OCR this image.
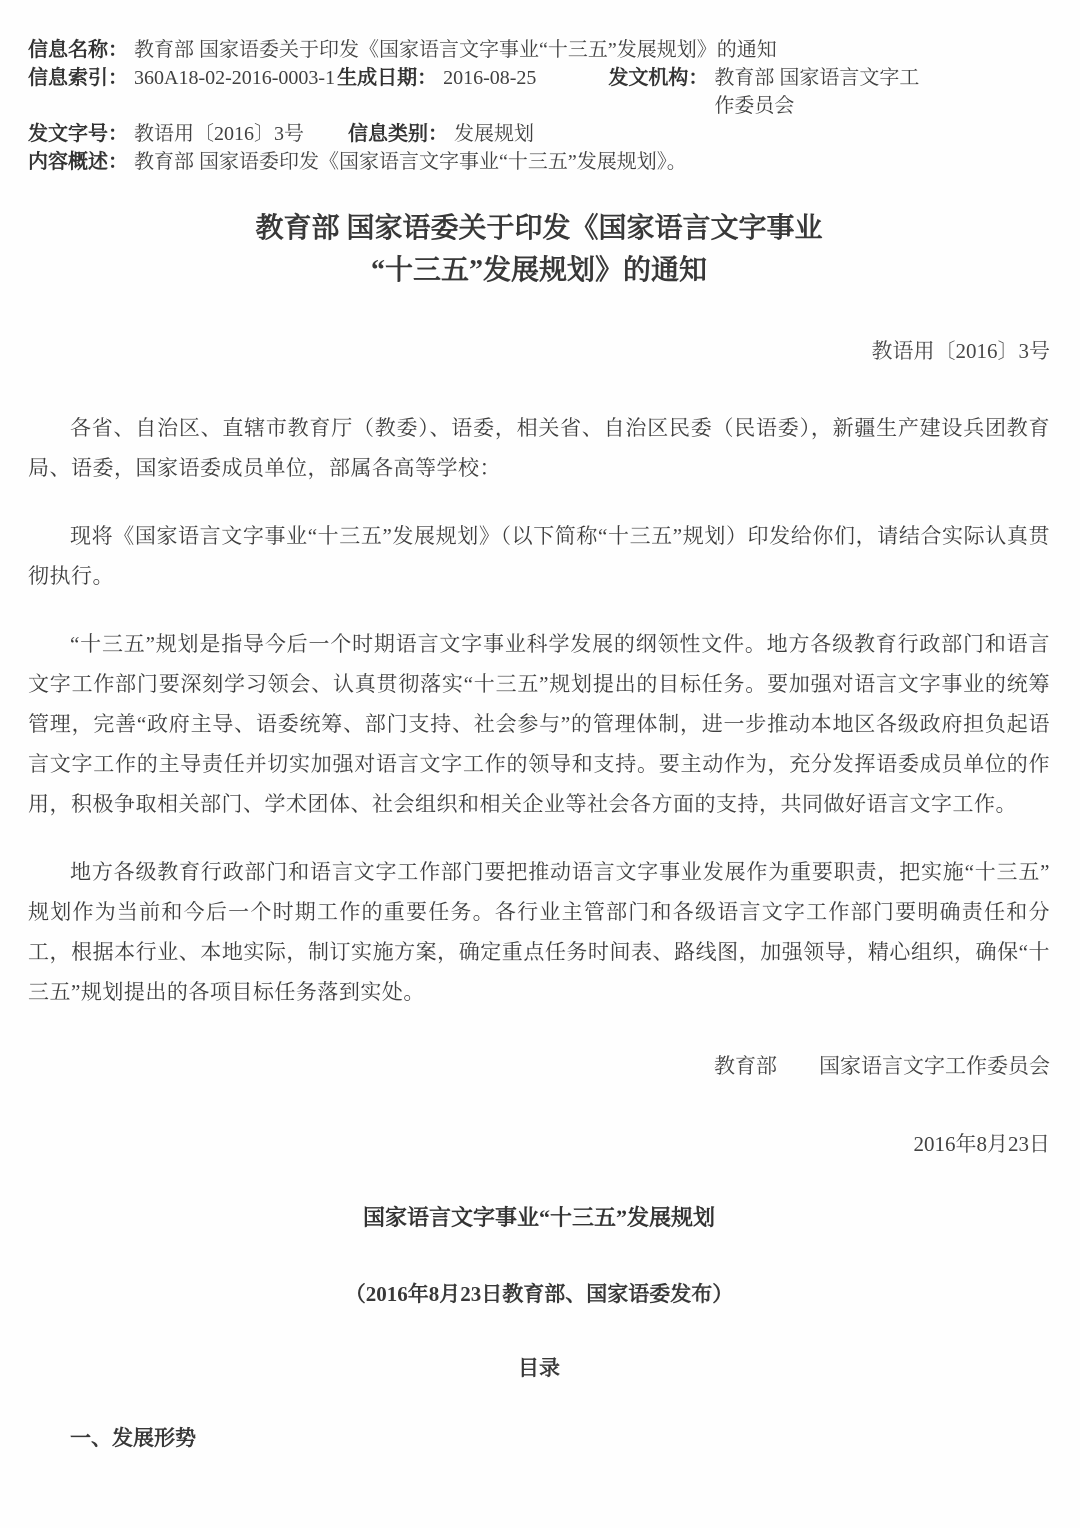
信息名称： 教育部 国家语委关于印发《国家语言文字事业“十三五”发展规划》的通知
信息索引： 360A18-02-2016-0003-1 生成日期： 2016-08-25	发文机构： 教育部 国家语言文字工作委员会
发文字号： 教语用〔2016〕3号 信息类别： 发展规划
内容概述： 教育部 国家语委印发《国家语言文字事业“十三五”发展规划》。
教育部 国家语委关于印发《国家语言文字事业
“十三五”发展规划》的通知
教语用〔2016〕3号

各省、自治区、直辖市教育厅（教委）、语委，相关省、自治区民委（民语委），新疆生产建设兵团教育局、语委，国家语委成员单位，部属各高等学校：

现将《国家语言文字事业“十三五”发展规划》（以下简称“十三五”规划）印发给你们，请结合实际认真贯彻执行。

“十三五”规划是指导今后一个时期语言文字事业科学发展的纲领性文件。地方各级教育行政部门和语言文字工作部门要深刻学习领会、认真贯彻落实“十三五”规划提出的目标任务。要加强对语言文字事业的统筹管理，完善“政府主导、语委统筹、部门支持、社会参与”的管理体制，进一步推动本地区各级政府担负起语言文字工作的主导责任并切实加强对语言文字工作的领导和支持。要主动作为，充分发挥语委成员单位的作用，积极争取相关部门、学术团体、社会组织和相关企业等社会各方面的支持，共同做好语言文字工作。

地方各级教育行政部门和语言文字工作部门要把推动语言文字事业发展作为重要职责，把实施“十三五”规划作为当前和今后一个时期工作的重要任务。各行业主管部门和各级语言文字工作部门要明确责任和分工，根据本行业、本地实际，制订实施方案，确定重点任务时间表、路线图，加强领导，精心组织，确保“十三五”规划提出的各项目标任务落到实处。

教育部　　国家语言文字工作委员会
2016年8月23日
国家语言文字事业“十三五”发展规划
（2016年8月23日教育部、国家语委发布）
目录
一、发展形势
